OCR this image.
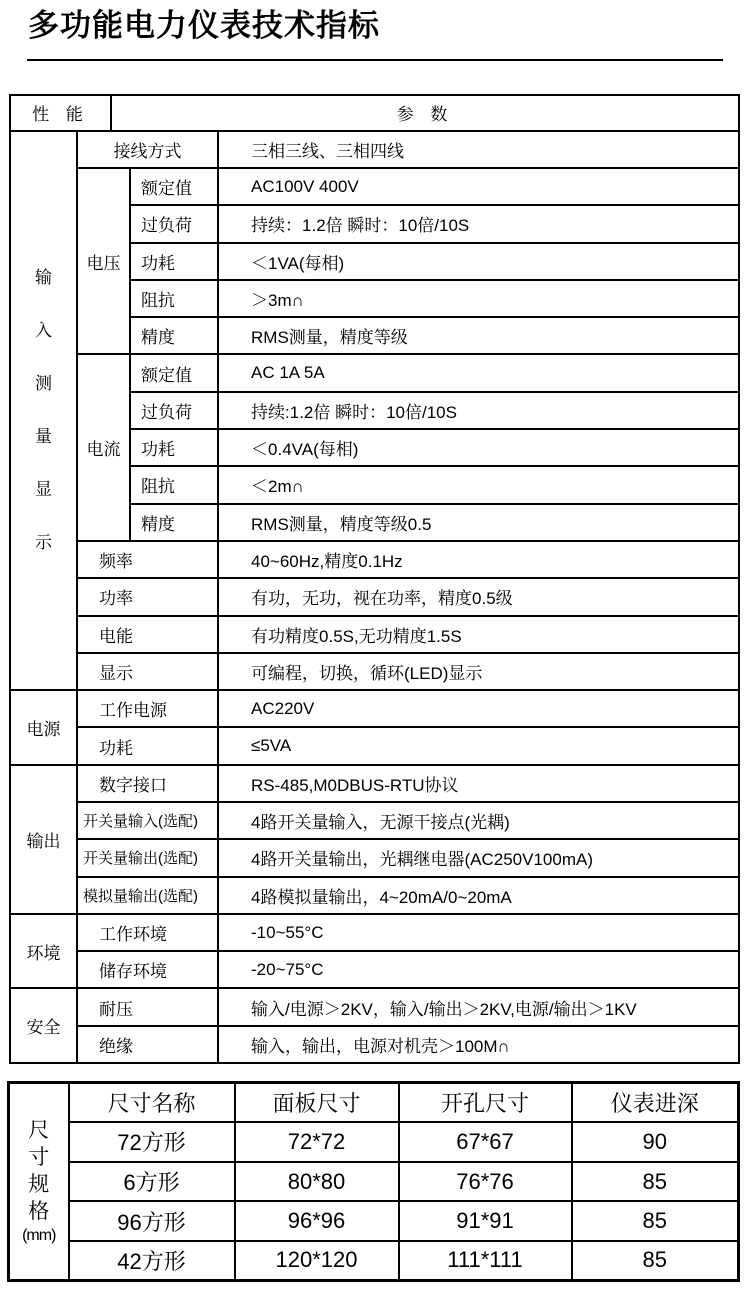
多功能电力仪表技术指标
性 能		参 数		

输
入
测
量
显
示
	接线方式	三相三线、三相四线
	电压		额定值	AC100V 400V
			过负荷	持续：1.2倍 瞬时：10倍/10S
			功耗	＜1VA(每相)
			阻抗	＞3m∩
			精度	RMS测量，精度等级
	电流		额定值	AC 1A 5A
			过负荷	持续:1.2倍 瞬时：10倍/10S
			功耗	＜0.4VA(每相)
			阻抗	＜2m∩
			精度	RMS测量，精度等级0.5
	频率			40~60Hz,精度0.1Hz
	功率			有功，无功，视在功率，精度0.5级
	电能			有功精度0.5S,无功精度1.5S
	显示			可编程，切换，循环(LED)显示
电源	工作电源			AC220V
	功耗			≤5VA
输出	数字接口			RS-485,M0DBUS-RTU协议
	开关量输入(选配)			4路开关量输入，无源干接点(光耦)
	开关量输出(选配)			4路开关量输出，光耦继电器(AC250V100mA)
	模拟量输出(选配)			4路模拟量输出，4~20mA/0~20mA
环境	工作环境			-10~55°C
	储存环境			-20~75°C
安全	耐压			输入/电源＞2KV，输入/输出＞2KV,电源/输出＞1KV
	绝缘			输入，输出，电源对机壳＞100M∩
尺
寸
规
格
(mm)	尺寸名称	面板尺寸	开孔尺寸	仪表进深
	72方形	72*72	67*67	90
	6方形	80*80	76*76	85
	96方形	96*96	91*91	85
	42方形	120*120	111*111	85
